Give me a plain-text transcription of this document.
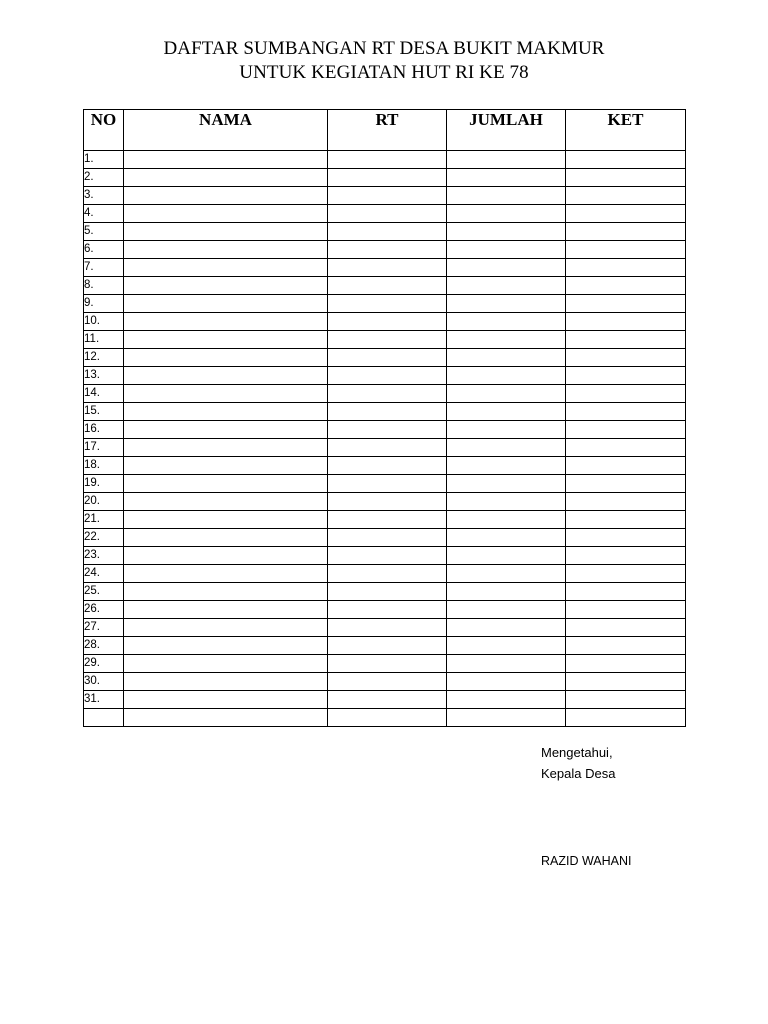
DAFTAR SUMBANGAN RT DESA BUKIT MAKMUR
UNTUK KEGIATAN HUT RI KE 78
NO	NAMA	RT	JUMLAH	KET
1.				
2.				
3.				
4.				
5.				
6.				
7.				
8.				
9.				
10.				
11.				
12.				
13.				
14.				
15.				
16.				
17.				
18.				
19.				
20.				
21.				
22.				
23.				
24.				
25.				
26.				
27.				
28.				
29.				
30.				
31.				

Mengetahui,
Kepala Desa
RAZID WAHANI
